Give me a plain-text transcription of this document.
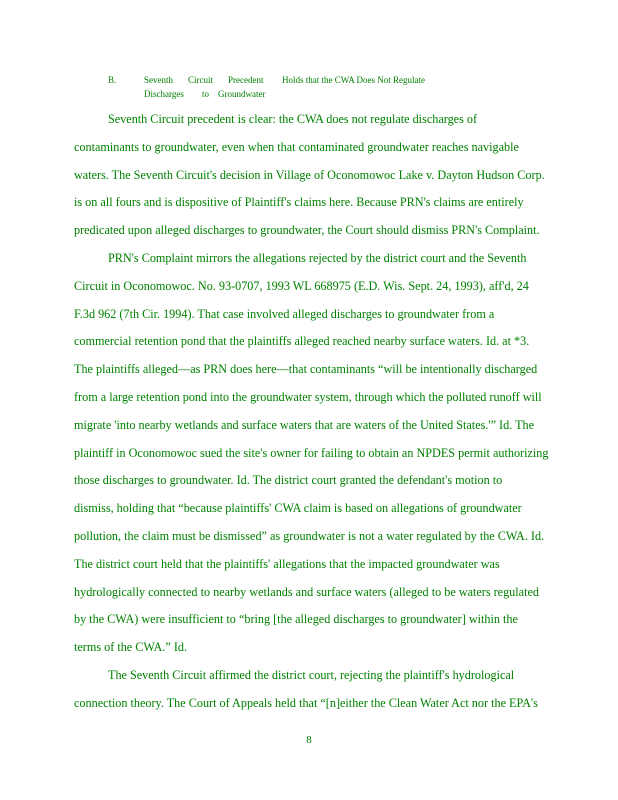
B.	Seventh	Circuit	Precedent	Holds that the CWA Does Not Regulate
Discharges	to Groundwater
Seventh Circuit precedent is clear: the CWA does not regulate discharges of
contaminants to groundwater, even when that contaminated groundwater reaches navigable
waters. The Seventh Circuit's decision in Village of Oconomowoc Lake v. Dayton Hudson Corp.
is on all fours and is dispositive of Plaintiff's claims here. Because PRN's claims are entirely
predicated upon alleged discharges to groundwater, the Court should dismiss PRN's Complaint.
PRN's Complaint mirrors the allegations rejected by the district court and the Seventh
Circuit in Oconomowoc. No. 93-0707, 1993 WL 668975 (E.D. Wis. Sept. 24, 1993), aff'd, 24
F.3d 962 (7th Cir. 1994). That case involved alleged discharges to groundwater from a
commercial retention pond that the plaintiffs alleged reached nearby surface waters. Id. at *3.
The plaintiffs alleged—as PRN does here—that contaminants “will be intentionally discharged
from a large retention pond into the groundwater system, through which the polluted runoff will
migrate 'into nearby wetlands and surface waters that are waters of the United States.'” Id. The
plaintiff in Oconomowoc sued the site's owner for failing to obtain an NPDES permit authorizing
those discharges to groundwater. Id. The district court granted the defendant's motion to
dismiss, holding that “because plaintiffs' CWA claim is based on allegations of groundwater
pollution, the claim must be dismissed” as groundwater is not a water regulated by the CWA. Id.
The district court held that the plaintiffs' allegations that the impacted groundwater was
hydrologically connected to nearby wetlands and surface waters (alleged to be waters regulated
by the CWA) were insufficient to “bring [the alleged discharges to groundwater] within the
terms of the CWA.” Id.
The Seventh Circuit affirmed the district court, rejecting the plaintiff's hydrological
connection theory. The Court of Appeals held that “[n]either the Clean Water Act nor the EPA's
8
